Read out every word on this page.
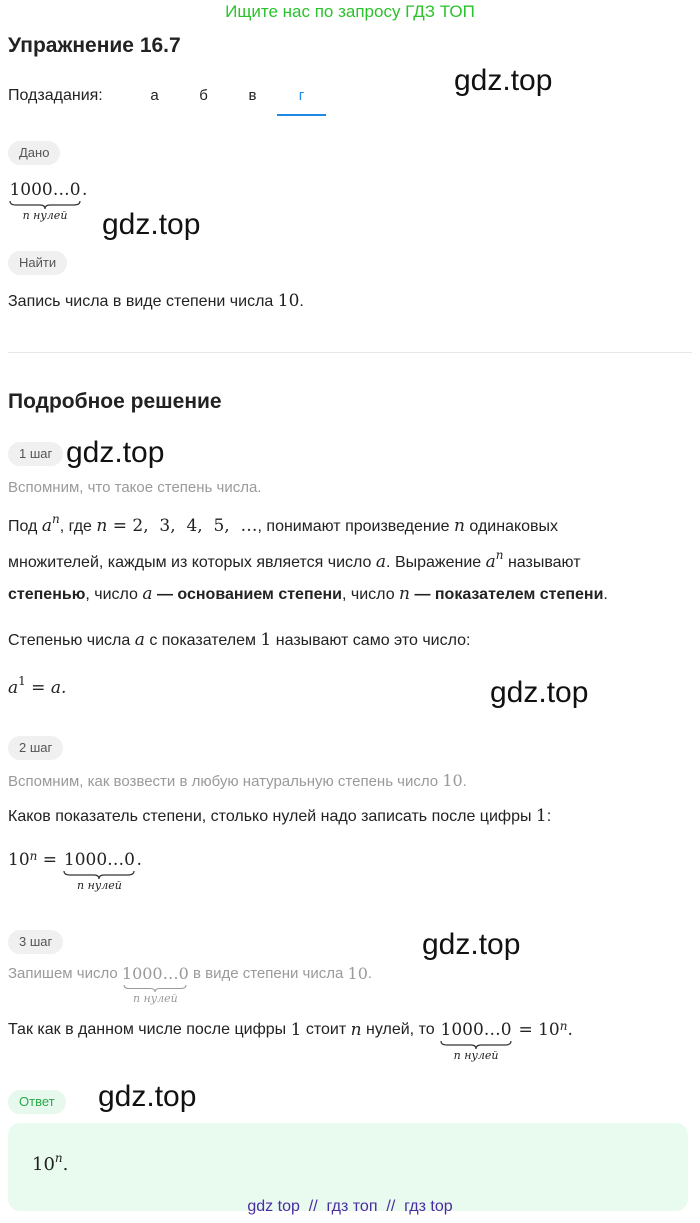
Ищите нас по запросу ГДЗ ТОП
Упражнение 16.7
Подзадания:	а	б	в	г	gdz.top
gdz.top
gdz.top
gdz.top
gdz.top
gdz.top
Дано
1000…0
n нулей
.
Найти
Запись числа в виде степени числа 10.
Подробное решение
1 шаг
Вспомним, что такое степень числа.
Под $a^n$, где n = 2,  3,  4,  5,  …, понимают произведение n одинаковых
множителей, каждым из которых является число a. Выражение $a^n$ называют
степенью, число a — основанием степени, число n — показателем степени.
Степенью числа a с показателем 1 называют само это число:
$a^1 = a$.
2 шаг
Вспомним, как возвести в любую натуральную степень число 10.
Каков показатель степени, столько нулей надо записать после цифры 1:
$10^n$ = 1000…0
n нулей
.
3 шаг
Запишем число 1000…0
n нулей
в виде степени числа 10.
Так как в данном числе после цифры 1 стоит n нулей, то 1000…0
n нулей
= $10^n$.
Ответ
10$^n$.
gdz top  //  гдз топ  //  гдз top
